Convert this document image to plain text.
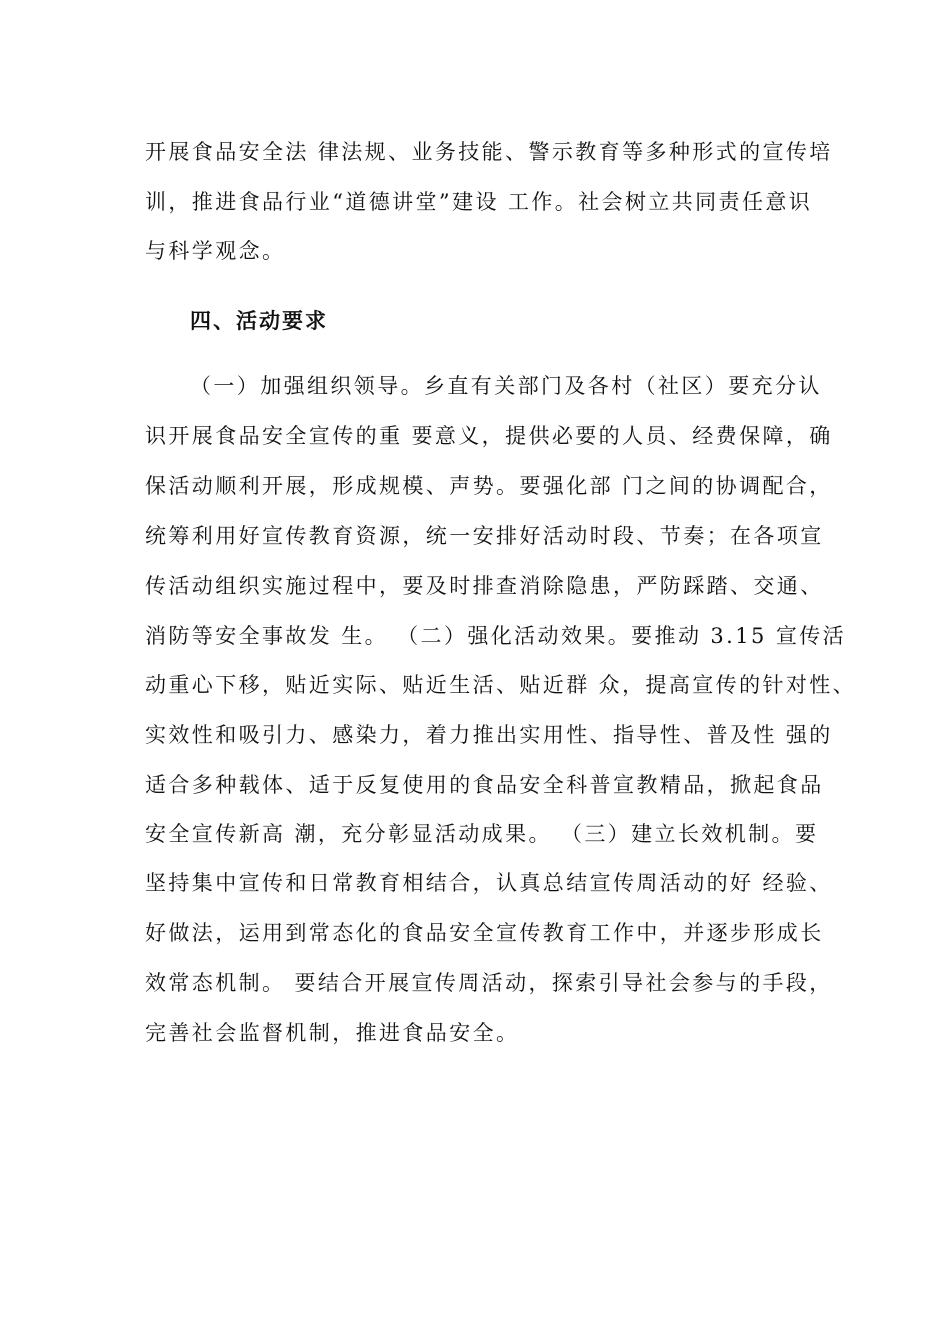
开展食品安全法 律法规、业务技能、警示教育等多种形式的宣传培
训，推进食品行业“道德讲堂”建设 工作。社会树立共同责任意识
与科学观念。
四、活动要求
（一）加强组织领导。乡直有关部门及各村（社区）要充分认
识开展食品安全宣传的重 要意义，提供必要的人员、经费保障，确
保活动顺利开展，形成规模、声势。要强化部 门之间的协调配合，
统筹利用好宣传教育资源，统一安排好活动时段、节奏；在各项宣
传活动组织实施过程中，要及时排查消除隐患，严防踩踏、交通、
消防等安全事故发 生。 （二）强化活动效果。要推动 3.15 宣传活
动重心下移，贴近实际、贴近生活、贴近群 众，提高宣传的针对性、
实效性和吸引力、感染力，着力推出实用性、指导性、普及性 强的
适合多种载体、适于反复使用的食品安全科普宣教精品，掀起食品
安全宣传新高 潮，充分彰显活动成果。 （三）建立长效机制。要
坚持集中宣传和日常教育相结合，认真总结宣传周活动的好 经验、
好做法，运用到常态化的食品安全宣传教育工作中，并逐步形成长
效常态机制。 要结合开展宣传周活动，探索引导社会参与的手段，
完善社会监督机制，推进食品安全。
